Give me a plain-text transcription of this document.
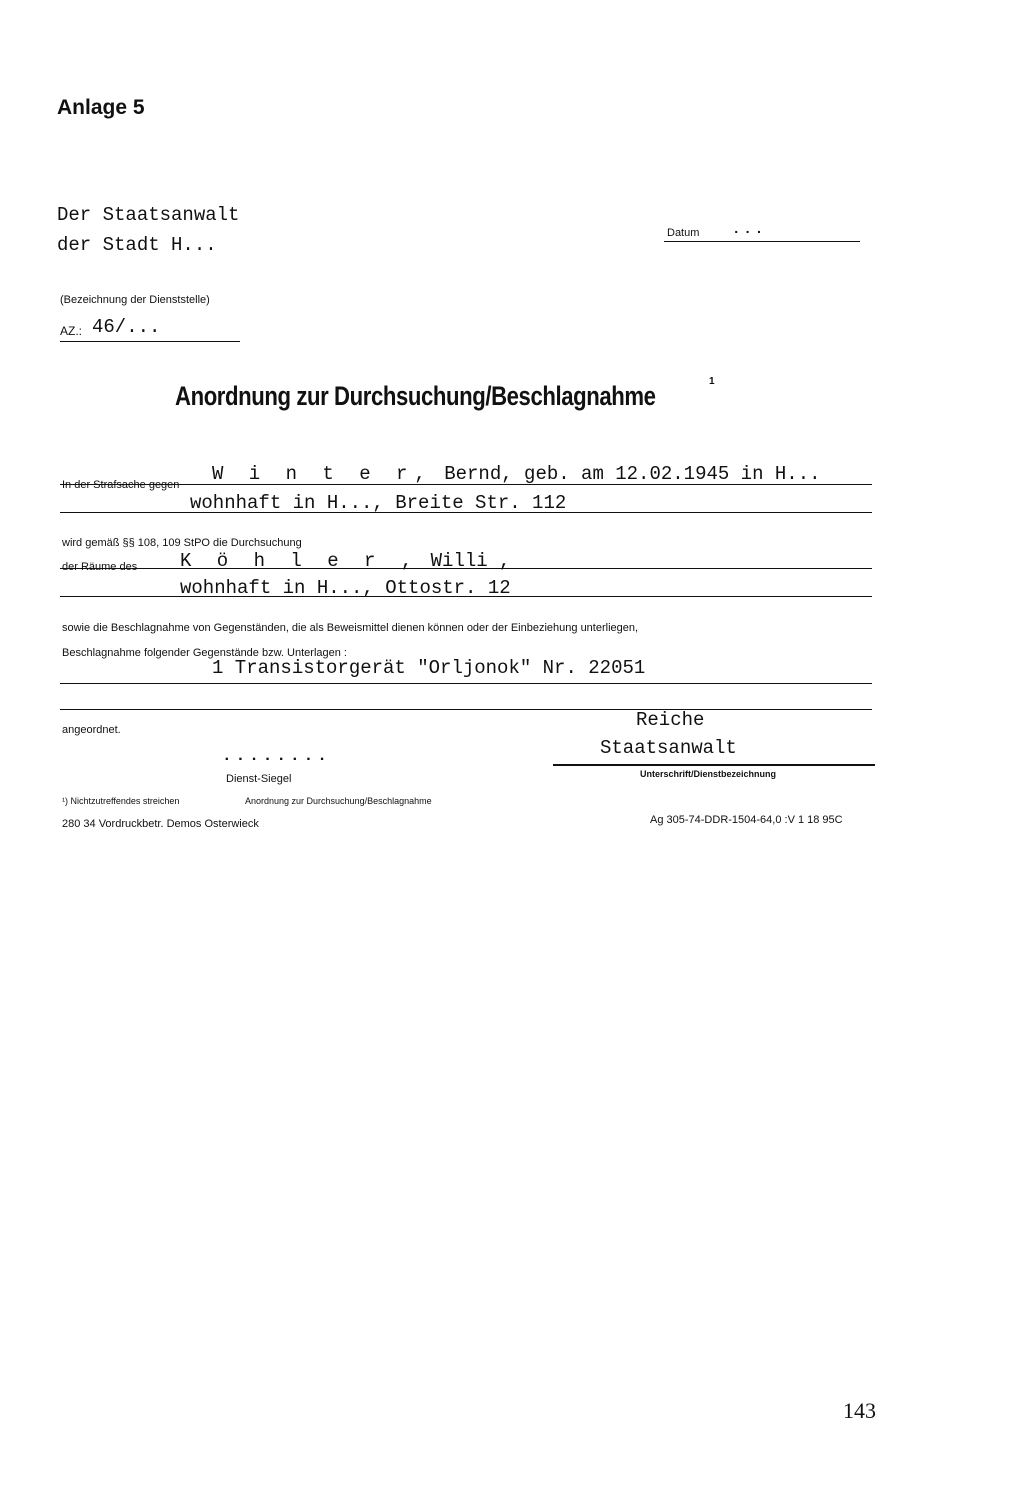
Anlage 5
Der Staatsanwalt
der Stadt H...
Datum ...
(Bezeichnung der Dienststelle)
AZ.: 46/...
Anordnung zur Durchsuchung/Beschlagnahme	1
In der Strafsache gegen W i n t e r, Bernd, geb. am 12.02.1945 in H...
wohnhaft in H..., Breite Str. 112
wird gemäß §§ 108, 109 StPO die Durchsuchung
der Räume des K ö h l e r , Willi ,
wohnhaft in H..., Ottostr. 12
sowie die Beschlagnahme von Gegenständen, die als Beweismittel dienen können oder der Einbeziehung unterliegen,
Beschlagnahme folgender Gegenstände bzw. Unterlagen :
1 Transistorgerät "Orljonok" Nr. 22051
angeordnet.	Reiche
Staatsanwalt
Unterschrift/Dienstbezeichnung
........
Dienst-Siegel
¹) Nichtzutreffendes streichen	Anordnung zur Durchsuchung/Beschlagnahme
280 34 Vordruckbetr. Demos Osterwieck	Ag 305-74-DDR-1504-64,0 :V 1 18 95C
143
